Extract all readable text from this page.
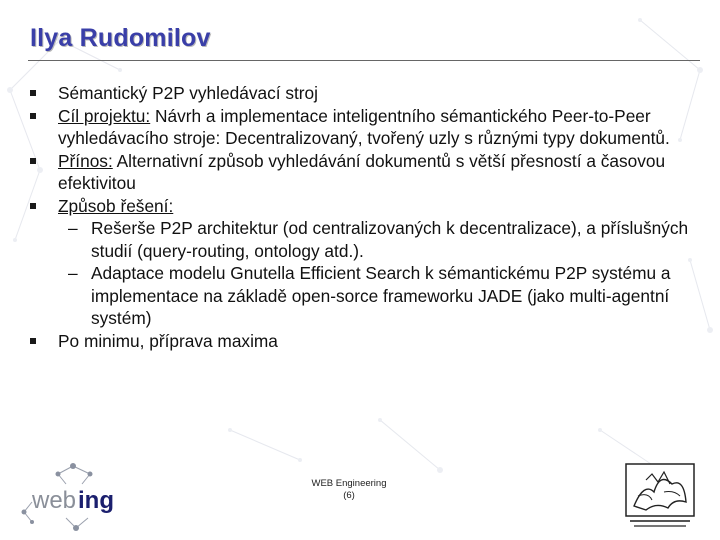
Ilya Rudomilov
Sémantický P2P vyhledávací stroj
Cíl projektu: Návrh a implementace inteligentního sémantického Peer-to-Peer vyhledávacího stroje: Decentralizovaný, tvořený uzly s různými typy dokumentů.
Přínos: Alternativní způsob vyhledávání dokumentů s větší přesností a časovou efektivitou
Způsob řešení:
– Rešerše P2P architektur (od centralizovaných k decentralizace), a příslušných studií (query-routing, ontology atd.).
– Adaptace modelu Gnutella Efficient Search k sémantickému P2P systému a implementace na základě open-sorce frameworku JADE (jako multi-agentní systém)
Po minimu, příprava maxima
web ing
WEB Engineering
(6)
